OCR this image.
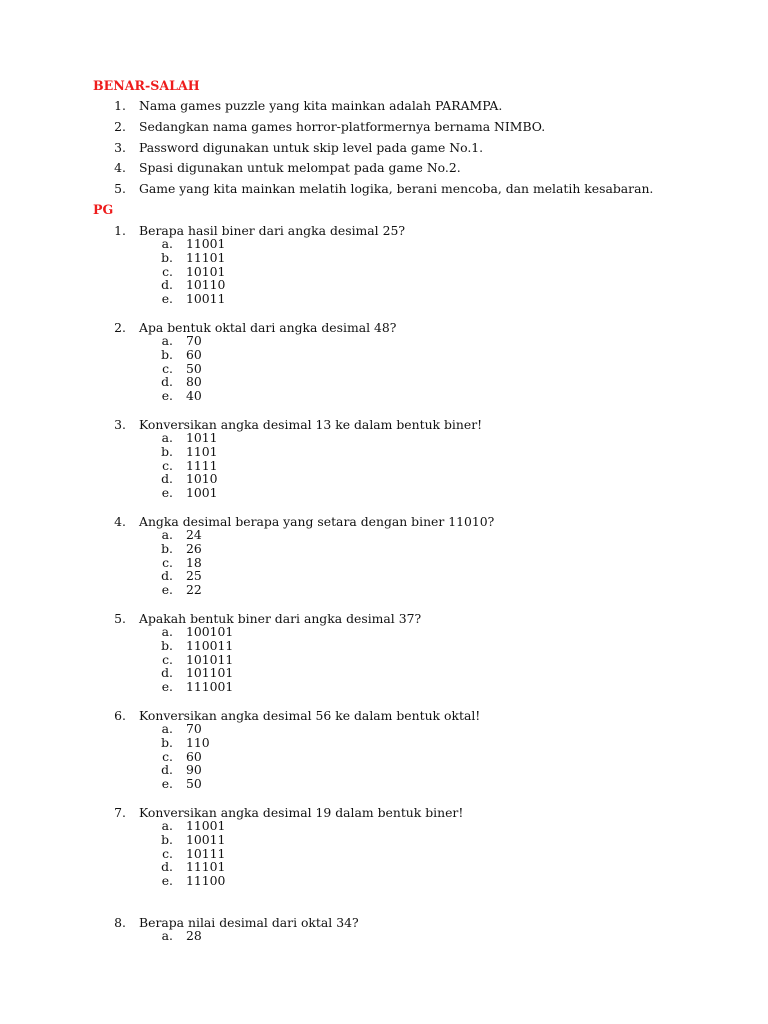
BENAR-SALAH
1. Nama games puzzle yang kita mainkan adalah PARAMPA.
2. Sedangkan nama games horror-platformernya bernama NIMBO.
3. Password digunakan untuk skip level pada game No.1.
4. Spasi digunakan untuk melompat pada game No.2.
5. Game yang kita mainkan melatih logika, berani mencoba, dan melatih kesabaran.
PG
1. Berapa hasil biner dari angka desimal 25?
a. 11001
b. 11101
c. 10101
d. 10110
e. 10011
2. Apa bentuk oktal dari angka desimal 48?
a. 70
b. 60
c. 50
d. 80
e. 40
3. Konversikan angka desimal 13 ke dalam bentuk biner!
a. 1011
b. 1101
c. 1111
d. 1010
e. 1001
4. Angka desimal berapa yang setara dengan biner 11010?
a. 24
b. 26
c. 18
d. 25
e. 22
5. Apakah bentuk biner dari angka desimal 37?
a. 100101
b. 110011
c. 101011
d. 101101
e. 111001
6. Konversikan angka desimal 56 ke dalam bentuk oktal!
a. 70
b. 110
c. 60
d. 90
e. 50
7. Konversikan angka desimal 19 dalam bentuk biner!
a. 11001
b. 10011
c. 10111
d. 11101
e. 11100
8. Berapa nilai desimal dari oktal 34?
a. 28
